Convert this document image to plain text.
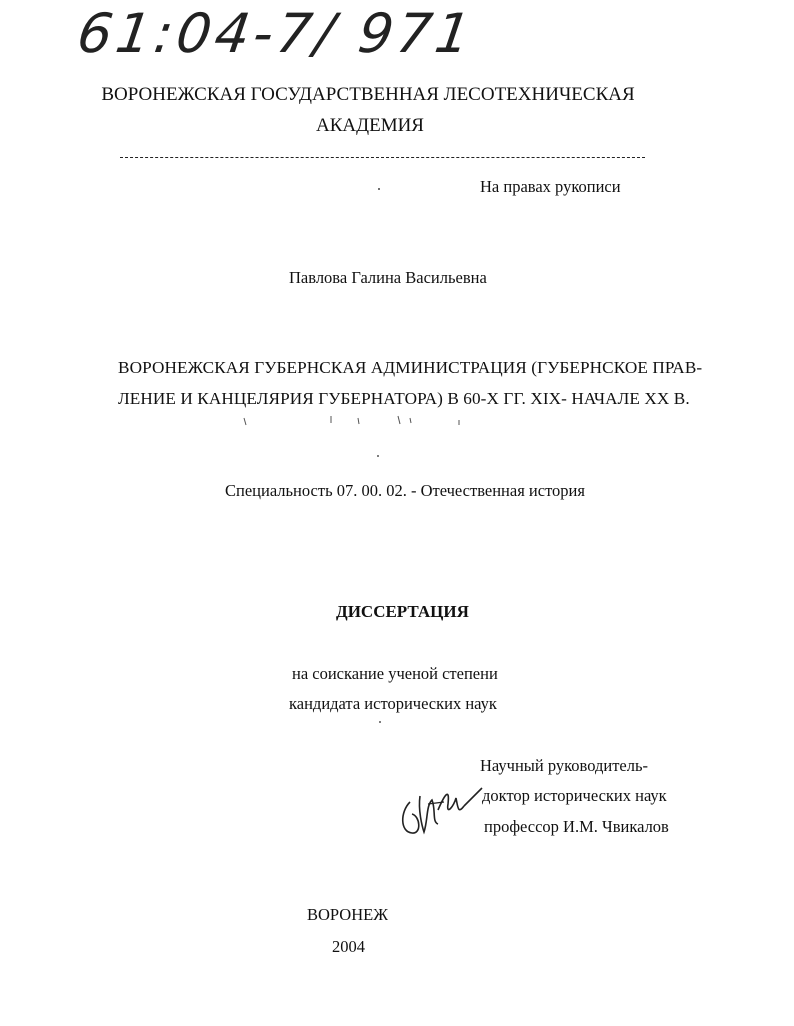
61:04-7/ 971
ВОРОНЕЖСКАЯ ГОСУДАРСТВЕННАЯ ЛЕСОТЕХНИЧЕСКАЯ
АКАДЕМИЯ
На правах рукописи
Павлова Галина Васильевна
ВОРОНЕЖСКАЯ ГУБЕРНСКАЯ АДМИНИСТРАЦИЯ (ГУБЕРНСКОЕ ПРАВ-
ЛЕНИЕ И КАНЦЕЛЯРИЯ ГУБЕРНАТОРА) В 60-Х ГГ. XIX- НАЧАЛЕ XX В.
Специальность 07. 00. 02. - Отечественная история
ДИССЕРТАЦИЯ
на соискание ученой степени
кандидата исторических наук
Научный руководитель-
доктор исторических наук
профессор И.М. Чвикалов
ВОРОНЕЖ
2004
